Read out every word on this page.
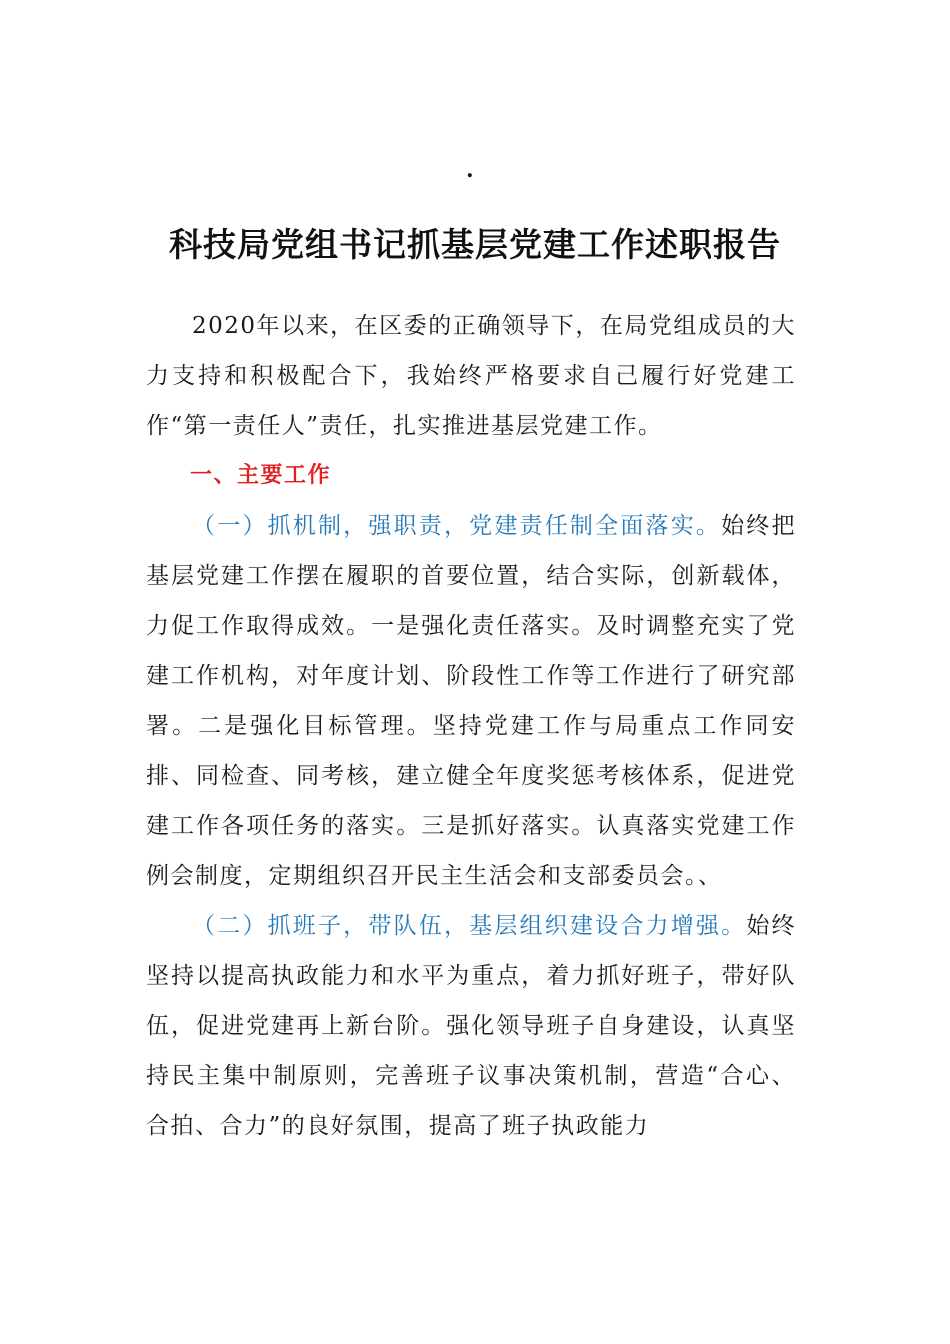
.
科技局党组书记抓基层党建工作述职报告

2020年以来，在区委的正确领导下，在局党组成员的大力支持和积极配合下，我始终严格要求自己履行好党建工作“第一责任人”责任，扎实推进基层党建工作。

一、主要工作

（一）抓机制，强职责，党建责任制全面落实。始终把基层党建工作摆在履职的首要位置，结合实际，创新载体，力促工作取得成效。一是强化责任落实。及时调整充实了党建工作机构，对年度计划、阶段性工作等工作进行了研究部署。二是强化目标管理。坚持党建工作与局重点工作同安排、同检查、同考核，建立健全年度奖惩考核体系，促进党建工作各项任务的落实。三是抓好落实。认真落实党建工作例会制度，定期组织召开民主生活会和支部委员会。、

（二）抓班子，带队伍，基层组织建设合力增强。始终坚持以提高执政能力和水平为重点，着力抓好班子，带好队伍，促进党建再上新台阶。强化领导班子自身建设，认真坚持民主集中制原则，完善班子议事决策机制，营造“合心、合拍、合力”的良好氛围，提高了班子执政能力
